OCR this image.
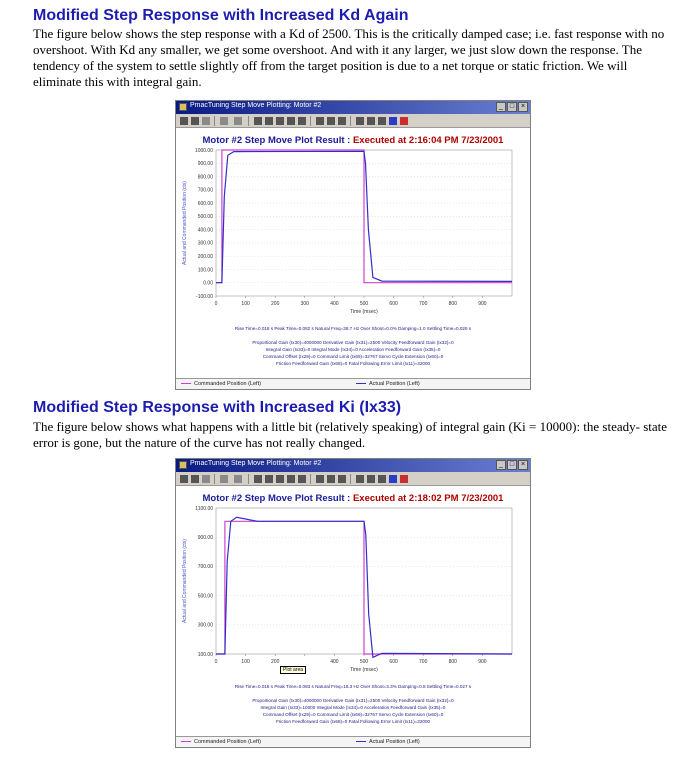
Modified Step Response with Increased Kd Again
The figure below shows the step response with a Kd of 2500. This is the critically damped case; i.e. fast response with no overshoot. With Kd any smaller, we get some overshoot. And with it any larger, we just slow down the response. The tendency of the system to settle slightly off from the target position is due to a net torque or static friction. We will eliminate this with integral gain.
PmacTuning Step Move Plotting: Motor #2	_ □ ×
Motor #2 Step Move Plot Result : Executed at 2:16:04 PM 7/23/2001
-100.00
0.00
100.00
200.00
300.00
400.00
500.00
600.00
700.00
800.00
900.00
1000.00
0	100	200	300	400	500	600	700	800	900
Time (msec)
Actual and Commanded Position (cts)
Rise Time=0.018 s Peak Time=0.082 s Natural Freq=38.7 Hz Over Shoot=0.0% Damping=1.0 Settling Time=0.028 s
Proportional Gain (Ix30)=4000000 Derivative Gain (Ix31)=2500 Velocity Feedforward Gain (Ix32)=0
Integral Gain (Ix33)=0 Integral Mode (Ix34)=0 Acceleration Feedforward Gain (Ix35)=0
Command Offset (Ix29)=0 Command Limit (Ix69)=32767 Servo Cycle Extension (Ix60)=0
Friction Feedforward Gain (Ix68)=0 Fatal Following Error Limit (Ix11)=32000
Commanded Position (Left)	Actual Position (Left)
Modified Step Response with Increased Ki (Ix33)
The figure below shows what happens with a little bit (relatively speaking) of integral gain (Ki = 10000): the steady- state error is gone, but the nature of the curve has not really changed.
PmacTuning Step Move Plotting: Motor #2	_ □ ×
Motor #2 Step Move Plot Result : Executed at 2:18:02 PM 7/23/2001
100.00
300.00
500.00
700.00
900.00
1100.00
0	100	200	400	500	600	700	800	900
Time (msec)
Actual and Commanded Position (cts)
Plot area
Rise Time=0.018 s Peak Time=0.083 s Natural Freq=18.3 Hz Over Shoot=3.3% Damping=0.8 Settling Time=0.027 s
Proportional Gain (Ix30)=4000000 Derivative Gain (Ix31)=2500 Velocity Feedforward Gain (Ix32)=0
Integral Gain (Ix33)=10000 Integral Mode (Ix34)=0 Acceleration Feedforward Gain (Ix35)=0
Command Offset (Ix29)=0 Command Limit (Ix69)=32767 Servo Cycle Extension (Ix60)=0
Friction Feedforward Gain (Ix68)=0 Fatal Following Error Limit (Ix11)=32000
Commanded Position (Left)	Actual Position (Left)
